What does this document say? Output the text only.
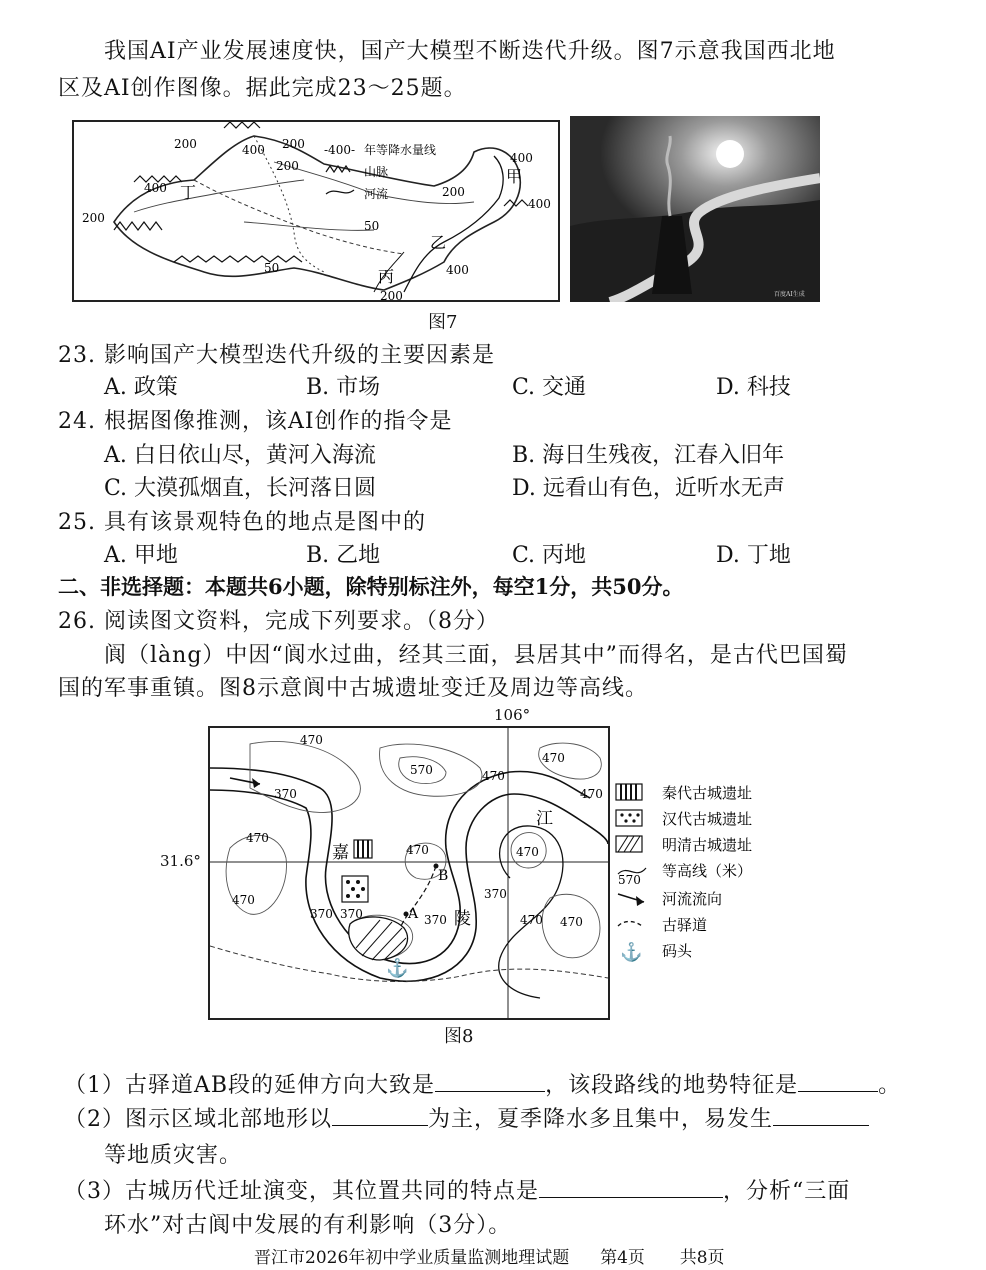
我国AI产业发展速度快，国产大模型不断迭代升级。图7示意我国西北地
区及AI创作图像。据此完成23～25题。
200	400
200
400
200
200
50
50
200
400
400
400
200
甲
乙
丙
丁
-400- 年等降水量线
山脉
河流
百度AI生成
图7
23. 影响国产大模型迭代升级的主要因素是
A. 政策	B. 市场	C. 交通	D. 科技
24. 根据图像推测，该AI创作的指令是
A. 白日依山尽，黄河入海流	B. 海日生残夜，江春入旧年
C. 大漠孤烟直，长河落日圆	D. 远看山有色，近听水无声
25. 具有该景观特色的地点是图中的
A. 甲地	B. 乙地	C. 丙地	D. 丁地
二、非选择题：本题共6小题，除特别标注外，每空1分，共50分。
26. 阅读图文资料，完成下列要求。（8分）
阆（làng）中因“阆水过曲，经其三面，县居其中”而得名，是古代巴国蜀
国的军事重镇。图8示意阆中古城遗址变迁及周边等高线。
106°
31.6°
B
A
⚓
嘉
陵
江
470
570	470
470
470
370
470
470
370
470	470
370
370
370
470
470
秦代古城遗址
汉代古城遗址
明清古城遗址
570 等高线（米）
河流流向
古驿道
⚓ 码头
图8
（1）古驿道AB段的延伸方向大致是	，该段路线的地势特征是	。
（2）图示区域北部地形以	为主，夏季降水多且集中，易发生
等地质灾害。
（3）古城历代迁址演变，其位置共同的特点是	，分析“三面
环水”对古阆中发展的有利影响（3分）。
晋江市2026年初中学业质量监测地理试题 第4页 共8页
